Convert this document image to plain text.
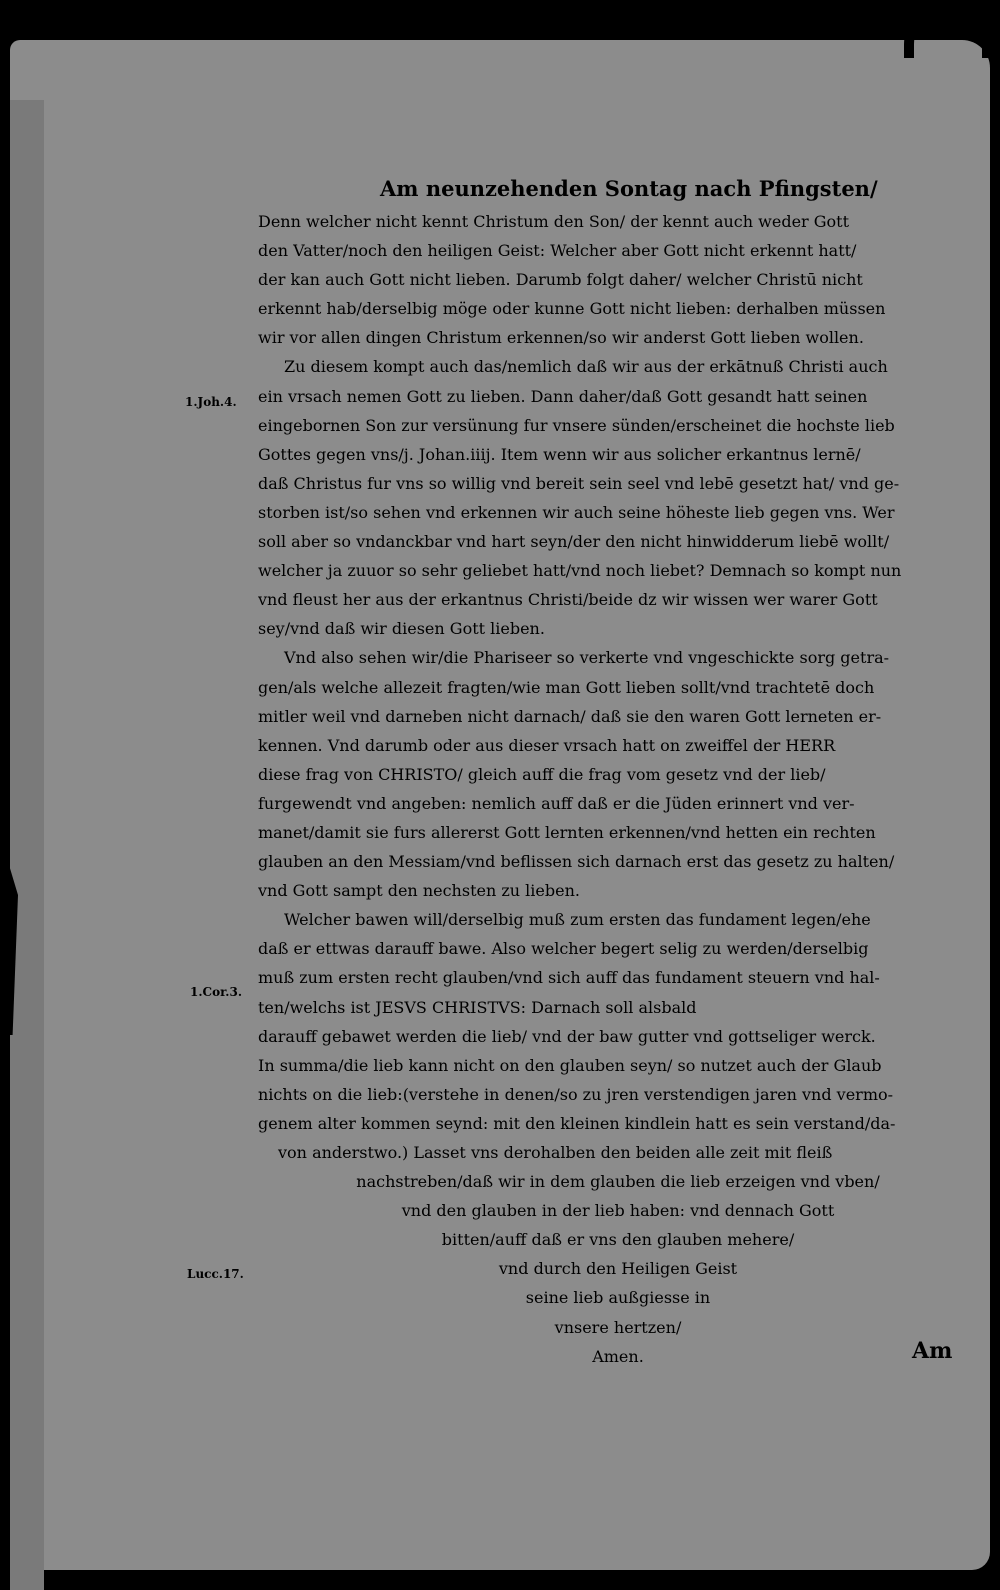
Am neunzehenden Sontag nach Pfingsten/
Denn welcher nicht kennt Christum den Son/ der kennt auch weder Gott
den Vatter/noch den heiligen Geist: Welcher aber Gott nicht erkennt hatt/
der kan auch Gott nicht lieben. Darumb folgt daher/ welcher Christū nicht
erkennt hab/derselbig möge oder kunne Gott nicht lieben: derhalben müssen
wir vor allen dingen Christum erkennen/so wir anderst Gott lieben wollen.
Zu diesem kompt auch das/nemlich daß wir aus der erkātnuß Christi auch
ein vrsach nemen Gott zu lieben. Dann daher/daß Gott gesandt hatt seinen
eingebornen Son zur versünung fur vnsere sünden/erscheinet die hochste lieb
Gottes gegen vns/j. Johan.iiij. Item wenn wir aus solicher erkantnus lernē/
daß Christus fur vns so willig vnd bereit sein seel vnd lebē gesetzt hat/ vnd ge-
storben ist/so sehen vnd erkennen wir auch seine höheste lieb gegen vns. Wer
soll aber so vndanckbar vnd hart seyn/der den nicht hinwidderum liebē wollt/
welcher ja zuuor so sehr geliebet hatt/vnd noch liebet? Demnach so kompt nun
vnd fleust her aus der erkantnus Christi/beide dz wir wissen wer warer Gott
sey/vnd daß wir diesen Gott lieben.
Vnd also sehen wir/die Phariseer so verkerte vnd vngeschickte sorg getra-
gen/als welche allezeit fragten/wie man Gott lieben sollt/vnd trachtetē doch
mitler weil vnd darneben nicht darnach/ daß sie den waren Gott lerneten er-
kennen. Vnd darumb oder aus dieser vrsach hatt on zweiffel der HERR
diese frag von CHRISTO/ gleich auff die frag vom gesetz vnd der lieb/
furgewendt vnd angeben: nemlich auff daß er die Jüden erinnert vnd ver-
manet/damit sie furs allererst Gott lernten erkennen/vnd hetten ein rechten
glauben an den Messiam/vnd beflissen sich darnach erst das gesetz zu halten/
vnd Gott sampt den nechsten zu lieben.
Welcher bawen will/derselbig muß zum ersten das fundament legen/ehe
daß er ettwas darauff bawe. Also welcher begert selig zu werden/derselbig
muß zum ersten recht glauben/vnd sich auff das fundament steuern vnd hal-
ten/welchs ist JESVS CHRISTVS: Darnach soll alsbald
darauff gebawet werden die lieb/ vnd der baw gutter vnd gottseliger werck.
In summa/die lieb kann nicht on den glauben seyn/ so nutzet auch der Glaub
nichts on die lieb:(verstehe in denen/so zu jren verstendigen jaren vnd vermo-
genem alter kommen seynd: mit den kleinen kindlein hatt es sein verstand/da-
von anderstwo.) Lasset vns derohalben den beiden alle zeit mit fleiß
nachstreben/daß wir in dem glauben die lieb erzeigen vnd vben/
vnd den glauben in der lieb haben: vnd dennach Gott
bitten/auff daß er vns den glauben mehere/
vnd durch den Heiligen Geist
seine lieb außgiesse in
vnsere hertzen/
Amen.
1.Joh.4.
1.Cor.3.
Lucc.17.
Am
